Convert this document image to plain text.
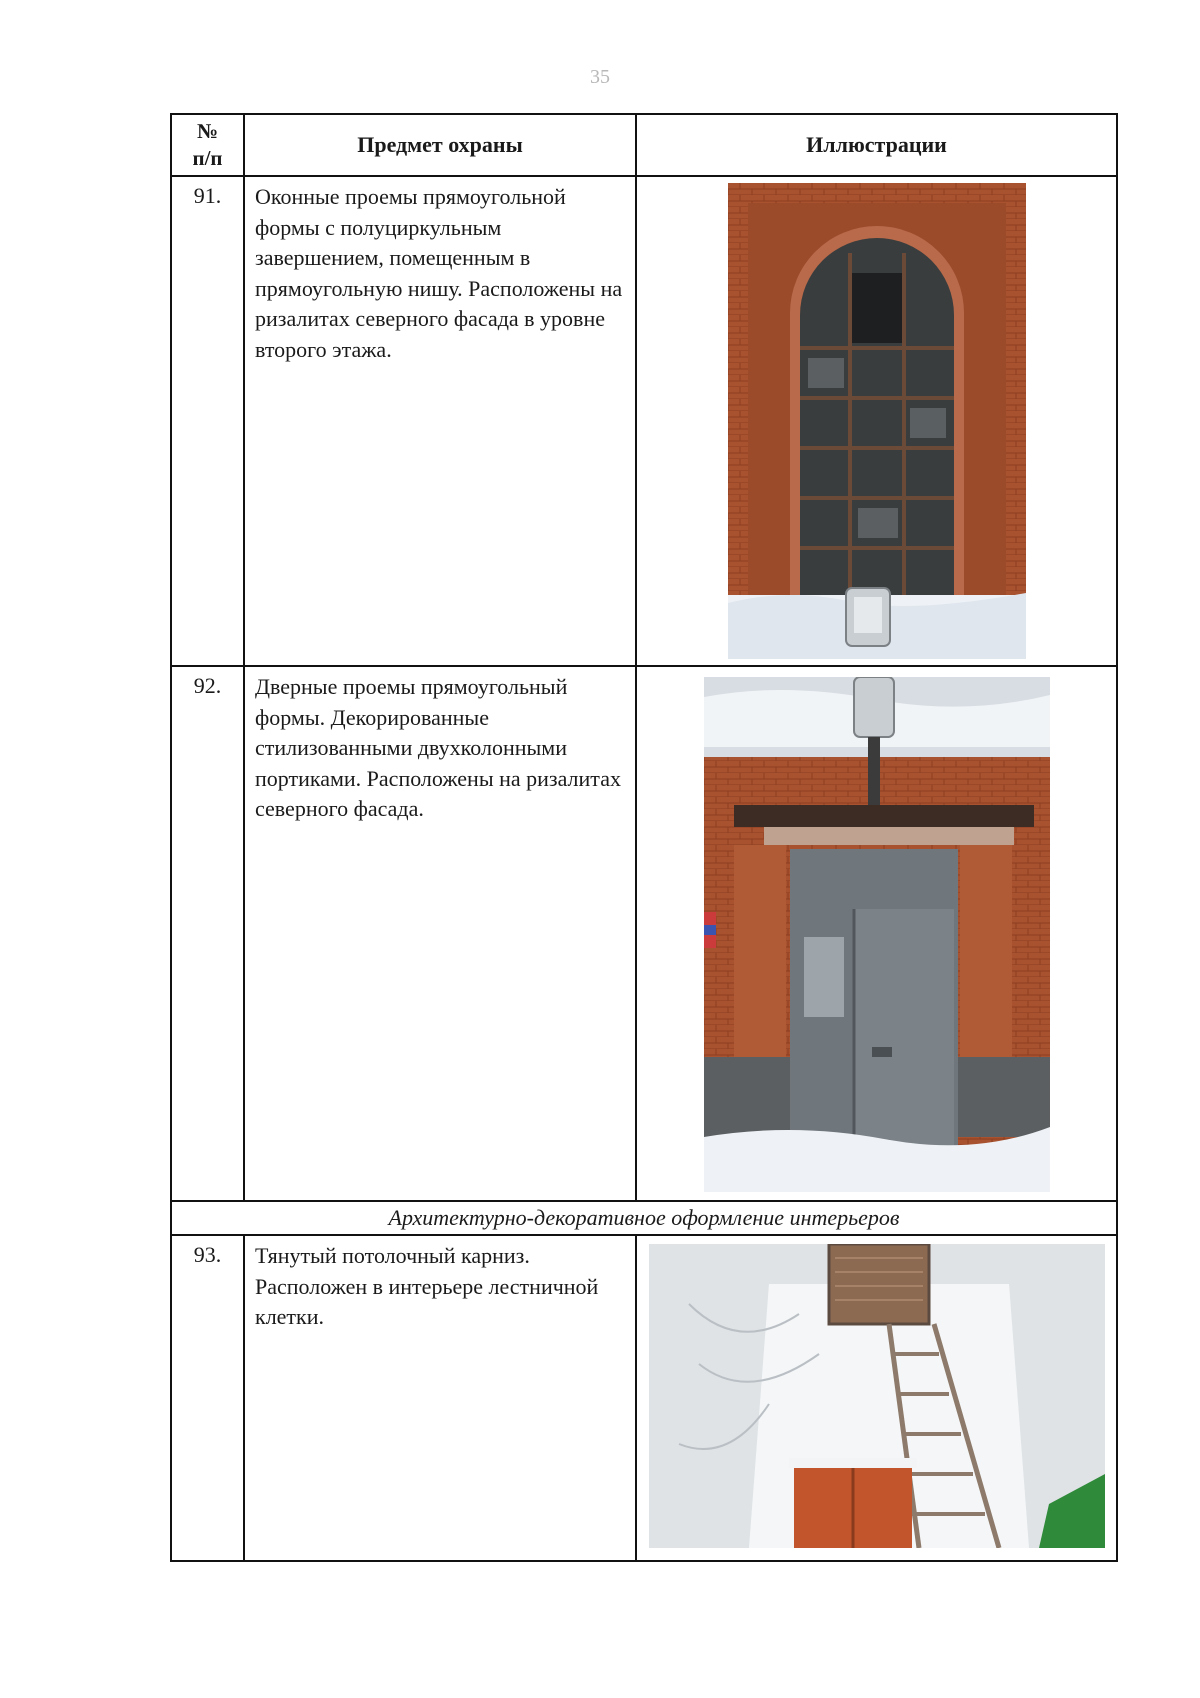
35
№
п/п	Предмет охраны	Иллюстрации
91.	Оконные проемы прямоугольной формы с полуциркульным завершением, помещенным в прямоугольную нишу. Расположены на ризалитах северного фасада в уровне второго этажа.	

92.	Дверные проемы прямоугольный формы. Декорированные стилизованными двухколонными портиками. Расположены на ризалитах северного фасада.	

Архитектурно-декоративное оформление интерьеров		
93.	Тянутый потолочный карниз. Расположен в интерьере лестничной клетки.	
